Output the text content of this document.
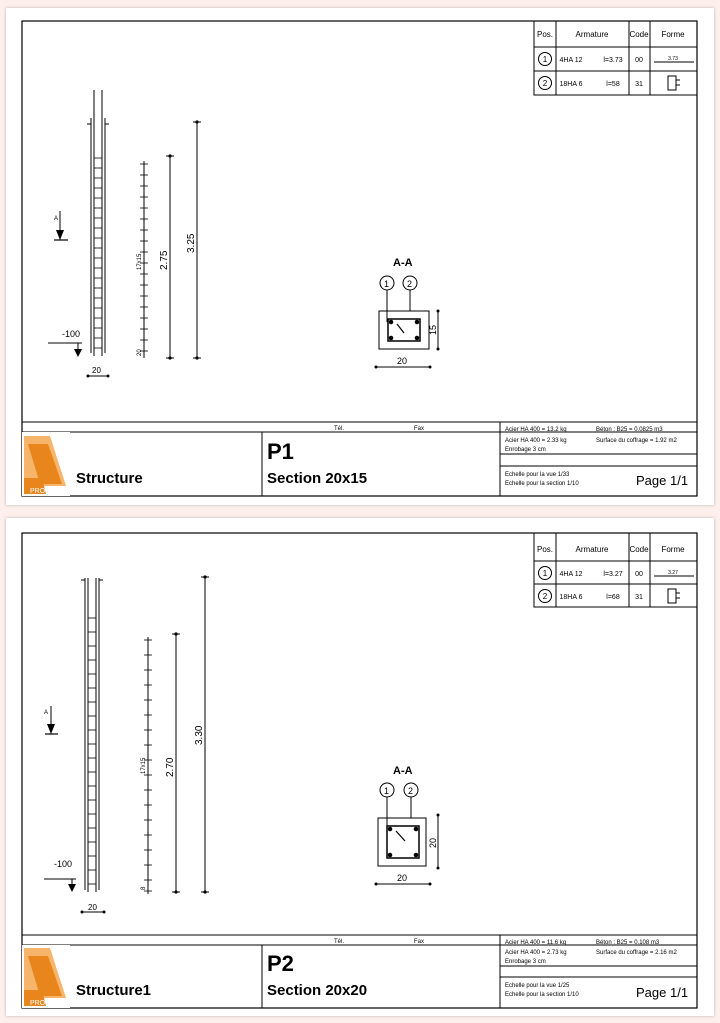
Pos.	Armature	Code Forme
1 4HA 12	l=3.73 00	3.73
2 18HA 6	l=58 31
A
-100
20
17x15
20
2.75
3.25
A-A
1 2
15
20
Tél.	Fax
PRO
Structure
P1
Section 20x15
Acier HA 400 = 13.2 kg	Béton : B25 = 0.0825 m3
Acier HA 400 = 2.33 kg	Surface du coffrage = 1.92 m2
Enrobage 3 cm
Echelle pour la vue 1/33
Echelle pour la section 1/10	Page 1/1
Pos.	Armature	Code Forme
1 4HA 12	l=3.27 00	3.27
2 18HA 6	l=68 31
A
-100
20
17x15
8
2.70
3.30
A-A
1 2
20
20
Tél.	Fax
PRO
Structure1
P2
Section 20x20
Acier HA 400 = 11.6 kg	Béton : B25 = 0.108 m3
Acier HA 400 = 2.73 kg	Surface du coffrage = 2.16 m2
Enrobage 3 cm
Echelle pour la vue 1/25
Echelle pour la section 1/10	Page 1/1
